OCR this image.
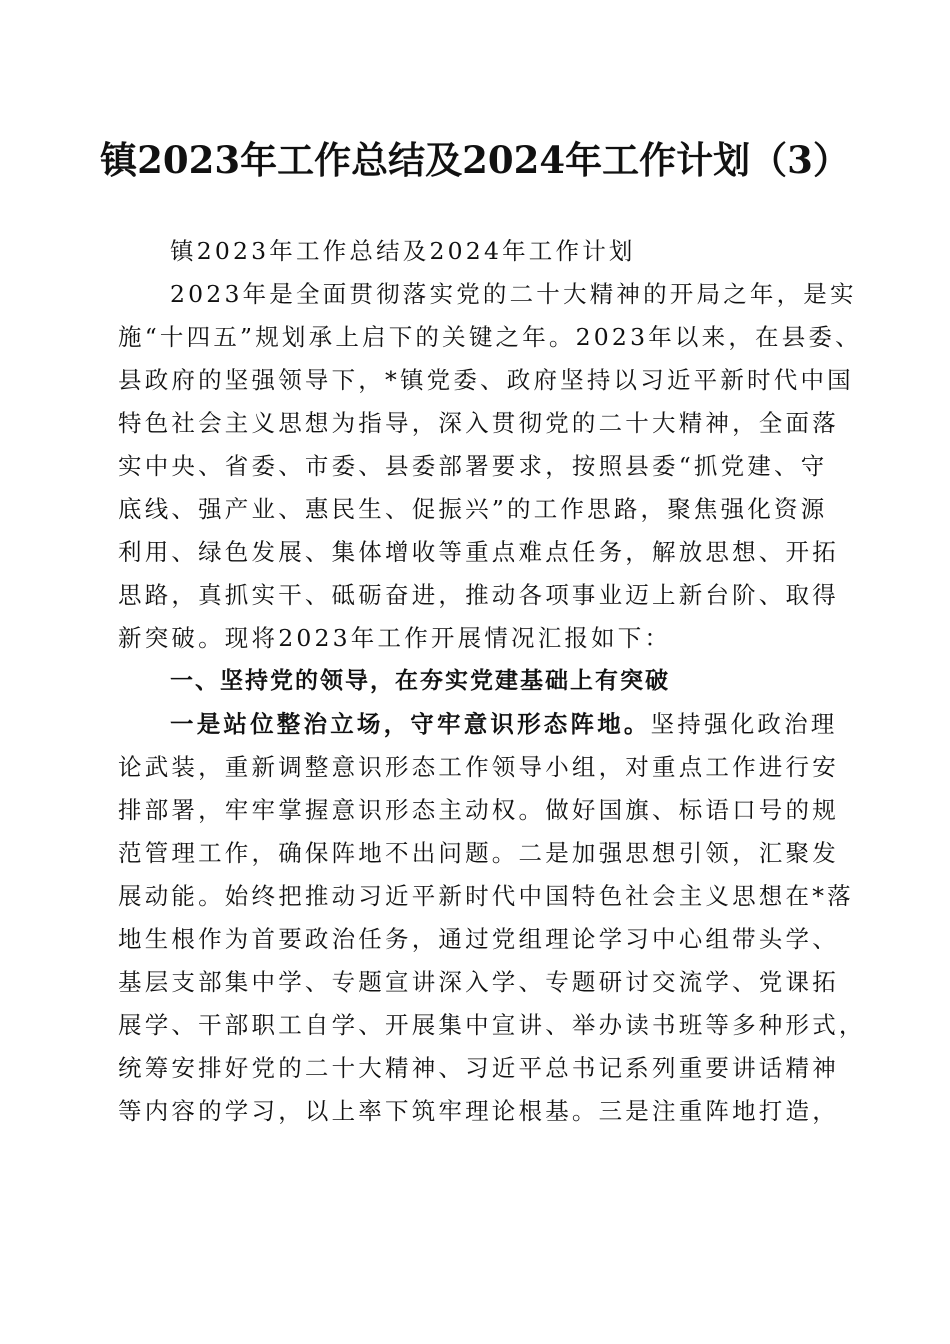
镇2023年工作总结及2024年工作计划（3）
镇2023年工作总结及2024年工作计划
2023年是全面贯彻落实党的二十大精神的开局之年，是实
施“十四五”规划承上启下的关键之年。2023年以来，在县委、
县政府的坚强领导下，*镇党委、政府坚持以习近平新时代中国
特色社会主义思想为指导，深入贯彻党的二十大精神，全面落
实中央、省委、市委、县委部署要求，按照县委“抓党建、守
底线、强产业、惠民生、促振兴”的工作思路，聚焦强化资源
利用、绿色发展、集体增收等重点难点任务，解放思想、开拓
思路，真抓实干、砥砺奋进，推动各项事业迈上新台阶、取得
新突破。现将2023年工作开展情况汇报如下：
一、坚持党的领导，在夯实党建基础上有突破
一是站位整治立场，守牢意识形态阵地。坚持强化政治理
论武装，重新调整意识形态工作领导小组，对重点工作进行安
排部署，牢牢掌握意识形态主动权。做好国旗、标语口号的规
范管理工作，确保阵地不出问题。二是加强思想引领，汇聚发
展动能。始终把推动习近平新时代中国特色社会主义思想在*落
地生根作为首要政治任务，通过党组理论学习中心组带头学、
基层支部集中学、专题宣讲深入学、专题研讨交流学、党课拓
展学、干部职工自学、开展集中宣讲、举办读书班等多种形式，
统筹安排好党的二十大精神、习近平总书记系列重要讲话精神
等内容的学习，以上率下筑牢理论根基。三是注重阵地打造，
